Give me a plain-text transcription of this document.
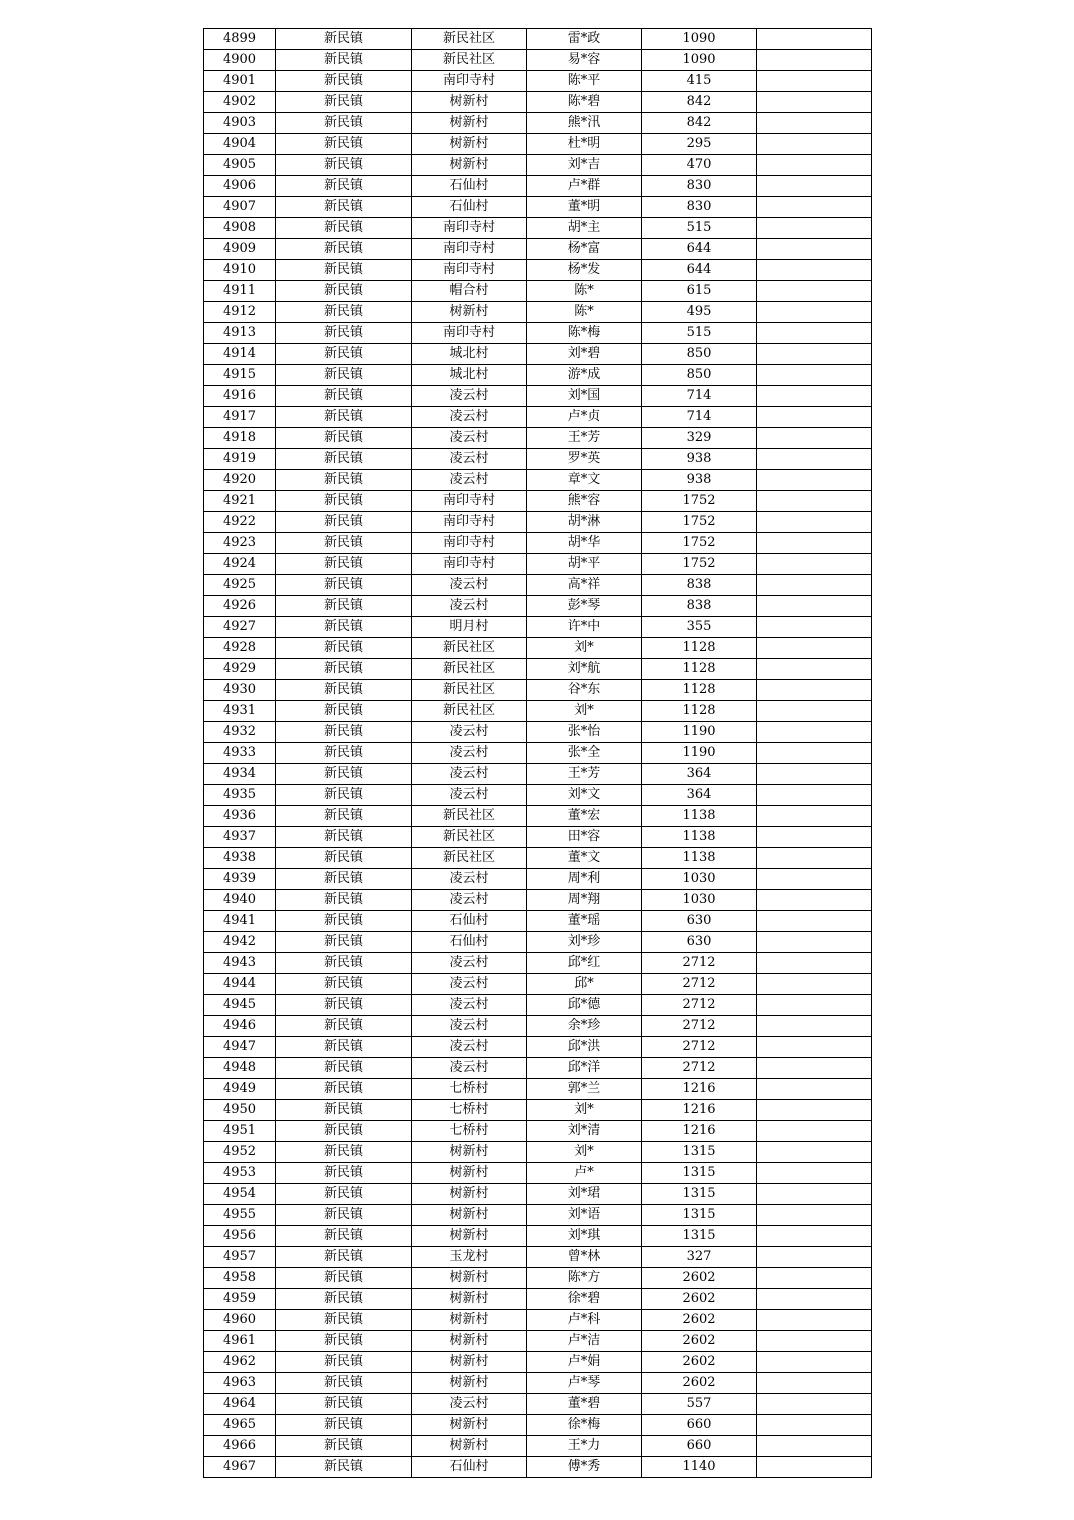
4899	新民镇	新民社区	雷*政	1090	
4900	新民镇	新民社区	易*容	1090	
4901	新民镇	南印寺村	陈*平	415	
4902	新民镇	树新村	陈*碧	842	
4903	新民镇	树新村	熊*汛	842	
4904	新民镇	树新村	杜*明	295	
4905	新民镇	树新村	刘*吉	470	
4906	新民镇	石仙村	卢*群	830	
4907	新民镇	石仙村	董*明	830	
4908	新民镇	南印寺村	胡*主	515	
4909	新民镇	南印寺村	杨*富	644	
4910	新民镇	南印寺村	杨*发	644	
4911	新民镇	帽合村	陈*	615	
4912	新民镇	树新村	陈*	495	
4913	新民镇	南印寺村	陈*梅	515	
4914	新民镇	城北村	刘*碧	850	
4915	新民镇	城北村	游*成	850	
4916	新民镇	凌云村	刘*国	714	
4917	新民镇	凌云村	卢*贞	714	
4918	新民镇	凌云村	王*芳	329	
4919	新民镇	凌云村	罗*英	938	
4920	新民镇	凌云村	章*文	938	
4921	新民镇	南印寺村	熊*容	1752	
4922	新民镇	南印寺村	胡*淋	1752	
4923	新民镇	南印寺村	胡*华	1752	
4924	新民镇	南印寺村	胡*平	1752	
4925	新民镇	凌云村	高*祥	838	
4926	新民镇	凌云村	彭*琴	838	
4927	新民镇	明月村	许*中	355	
4928	新民镇	新民社区	刘*	1128	
4929	新民镇	新民社区	刘*航	1128	
4930	新民镇	新民社区	谷*东	1128	
4931	新民镇	新民社区	刘*	1128	
4932	新民镇	凌云村	张*怡	1190	
4933	新民镇	凌云村	张*全	1190	
4934	新民镇	凌云村	王*芳	364	
4935	新民镇	凌云村	刘*文	364	
4936	新民镇	新民社区	董*宏	1138	
4937	新民镇	新民社区	田*容	1138	
4938	新民镇	新民社区	董*文	1138	
4939	新民镇	凌云村	周*利	1030	
4940	新民镇	凌云村	周*翔	1030	
4941	新民镇	石仙村	董*瑶	630	
4942	新民镇	石仙村	刘*珍	630	
4943	新民镇	凌云村	邱*红	2712	
4944	新民镇	凌云村	邱*	2712	
4945	新民镇	凌云村	邱*德	2712	
4946	新民镇	凌云村	余*珍	2712	
4947	新民镇	凌云村	邱*洪	2712	
4948	新民镇	凌云村	邱*洋	2712	
4949	新民镇	七桥村	郭*兰	1216	
4950	新民镇	七桥村	刘*	1216	
4951	新民镇	七桥村	刘*清	1216	
4952	新民镇	树新村	刘*	1315	
4953	新民镇	树新村	卢*	1315	
4954	新民镇	树新村	刘*珺	1315	
4955	新民镇	树新村	刘*语	1315	
4956	新民镇	树新村	刘*琪	1315	
4957	新民镇	玉龙村	曾*林	327	
4958	新民镇	树新村	陈*方	2602	
4959	新民镇	树新村	徐*碧	2602	
4960	新民镇	树新村	卢*科	2602	
4961	新民镇	树新村	卢*洁	2602	
4962	新民镇	树新村	卢*娟	2602	
4963	新民镇	树新村	卢*琴	2602	
4964	新民镇	凌云村	董*碧	557	
4965	新民镇	树新村	徐*梅	660	
4966	新民镇	树新村	王*力	660	
4967	新民镇	石仙村	傅*秀	1140	
